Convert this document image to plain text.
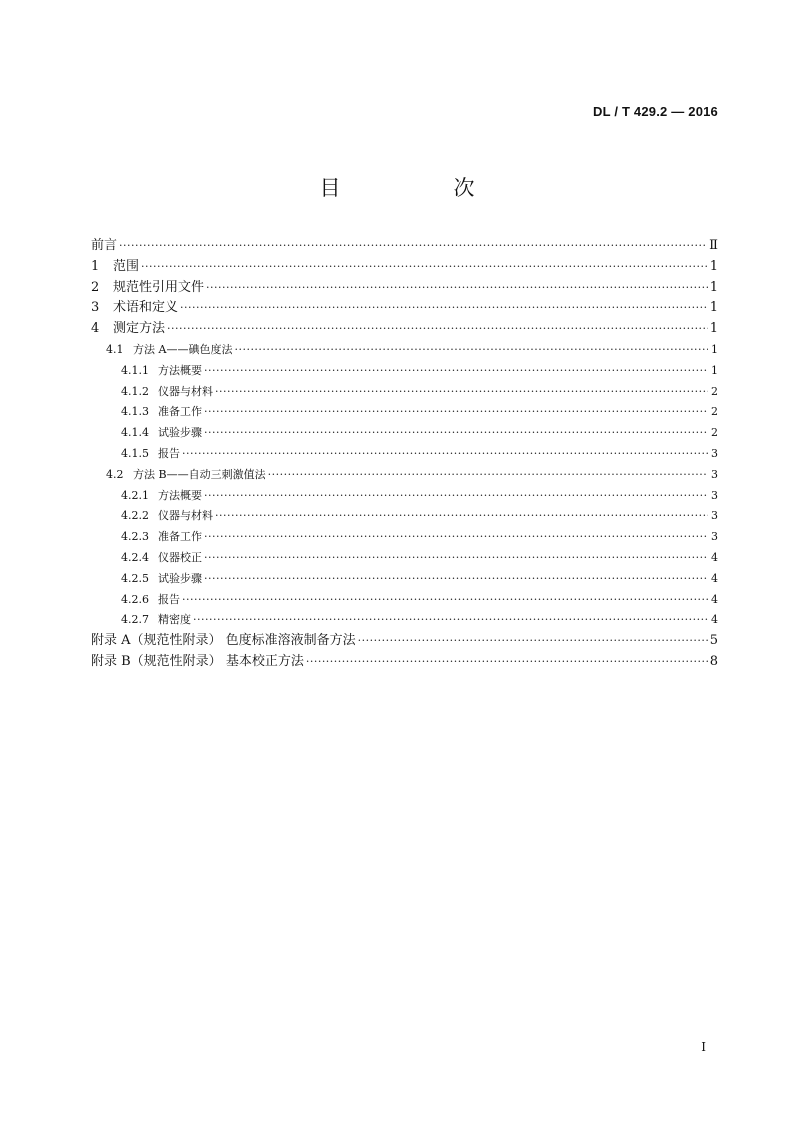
DL / T 429.2 — 2016
目　次
前言 ·····	Ⅱ
1	范围 ·····	1
2	规范性引用文件 ·····	1
3	术语和定义 ·····	1
4	测定方法 ·····	1
4.1 方法 A——碘色度法 ·····	1
4.1.1 方法概要 ·····	1
4.1.2 仪器与材料 ·····	2
4.1.3 准备工作 ·····	2
4.1.4 试验步骤 ·····	2
4.1.5 报告 ·····	3
4.2 方法 B——自动三刺激值法 ·····	3
4.2.1 方法概要 ·····	3
4.2.2 仪器与材料 ·····	3
4.2.3 准备工作 ·····	3
4.2.4 仪器校正 ·····	4
4.2.5 试验步骤 ·····	4
4.2.6 报告 ·····	4
4.2.7 精密度 ·····	4
附录 A（规范性附录） 色度标准溶液制备方法 ·····	5
附录 B（规范性附录） 基本校正方法 ·····	8
I
